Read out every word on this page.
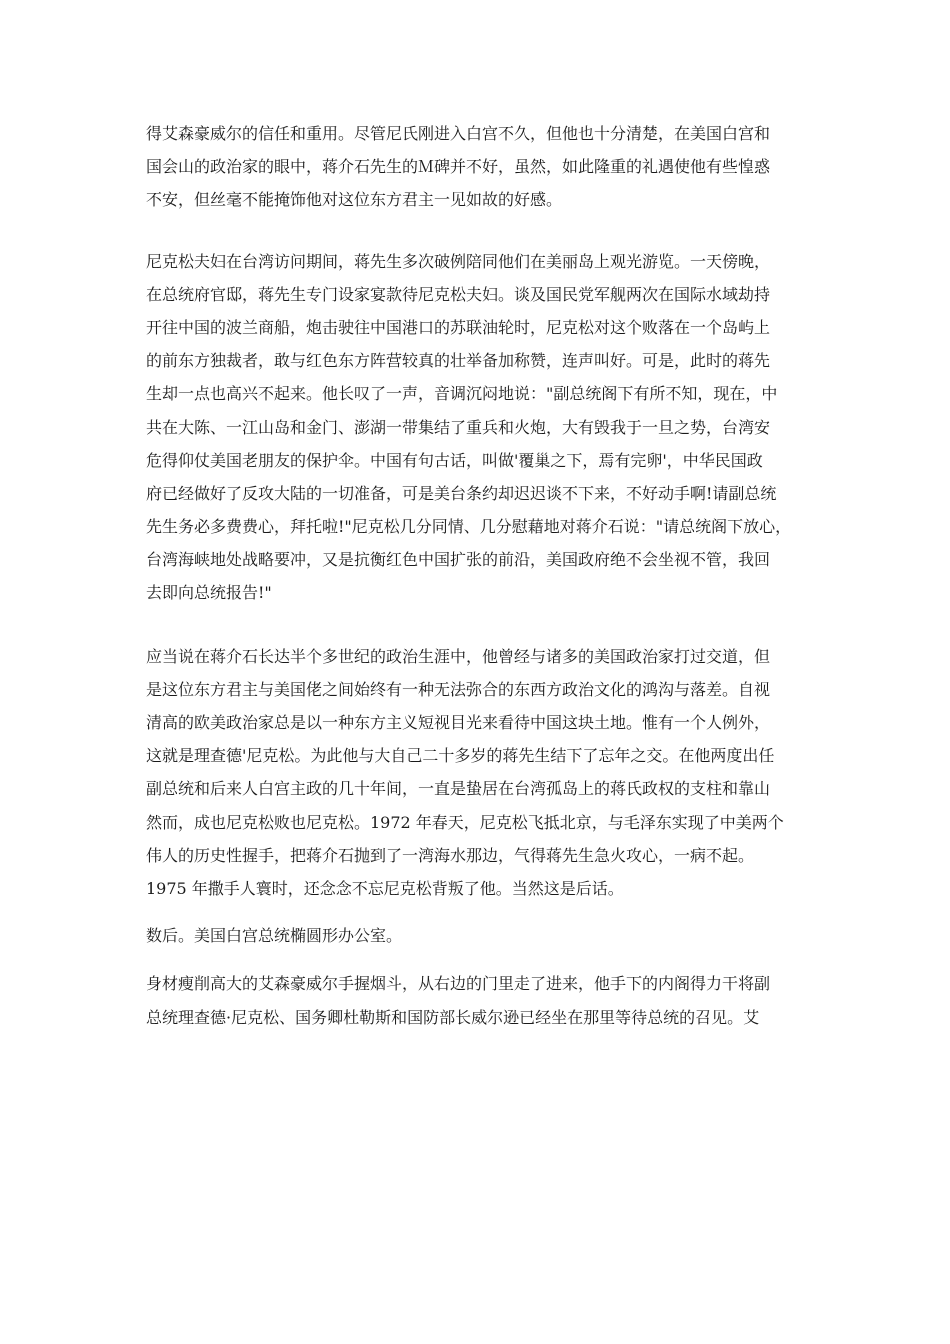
得艾森豪威尔的信任和重用。尽管尼氏刚进入白宫不久，但他也十分清楚，在美国白宫和
国会山的政治家的眼中，蒋介石先生的Ｍ碑并不好，虽然，如此隆重的礼遇使他有些惶惑
不安，但丝毫不能掩饰他对这位东方君主一见如故的好感。
尼克松夫妇在台湾访问期间，蒋先生多次破例陪同他们在美丽岛上观光游览。一天傍晚，
在总统府官邸，蒋先生专门设家宴款待尼克松夫妇。谈及国民党军舰两次在国际水域劫持
开往中国的波兰商船，炮击驶往中国港口的苏联油轮时，尼克松对这个败落在一个岛屿上
的前东方独裁者，敢与红色东方阵营较真的壮举备加称赞，连声叫好。可是，此时的蒋先
生却一点也高兴不起来。他长叹了一声，音调沉闷地说："副总统阁下有所不知，现在，中
共在大陈、一江山岛和金门、澎湖一带集结了重兵和火炮，大有毁我于一旦之势，台湾安
危得仰仗美国老朋友的保护伞。中国有句古话，叫做'覆巢之下，焉有完卵'，中华民国政
府已经做好了反攻大陆的一切准备，可是美台条约却迟迟谈不下来，不好动手啊!请副总统
先生务必多费费心，拜托啦!"尼克松几分同情、几分慰藉地对蒋介石说："请总统阁下放心，
台湾海峡地处战略要冲，又是抗衡红色中国扩张的前沿，美国政府绝不会坐视不管，我回
去即向总统报告!"
应当说在蒋介石长达半个多世纪的政治生涯中，他曾经与诸多的美国政治家打过交道，但
是这位东方君主与美国佬之间始终有一种无法弥合的东西方政治文化的鸿沟与落差。自视
清高的欧美政治家总是以一种东方主义短视目光来看待中国这块土地。惟有一个人例外，
这就是理查德'尼克松。为此他与大自己二十多岁的蒋先生结下了忘年之交。在他两度出任
副总统和后来人白宫主政的几十年间，一直是蛰居在台湾孤岛上的蒋氏政权的支柱和靠山
然而，成也尼克松败也尼克松。1972 年春天，尼克松飞抵北京，与毛泽东实现了中美两个
伟人的历史性握手，把蒋介石抛到了一湾海水那边，气得蒋先生急火攻心，一病不起。
1975 年撒手人寰时，还念念不忘尼克松背叛了他。当然这是后话。
数后。美国白宫总统椭圆形办公室。
身材瘦削高大的艾森豪威尔手握烟斗，从右边的门里走了进来，他手下的内阁得力干将副
总统理查德·尼克松、国务卿杜勒斯和国防部长威尔逊已经坐在那里等待总统的召见。艾
